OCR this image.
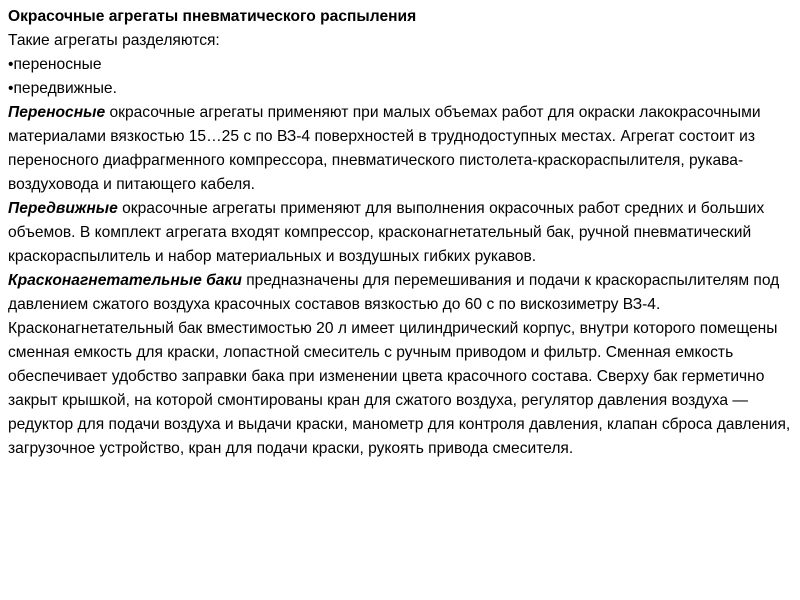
Окрасочные агрегаты пневматического распыления

Такие агрегаты разделяются:

•переносные

•передвижные.

Переносные окрасочные агрегаты применяют при малых объемах работ для окраски лакокрасочными материалами вязкостью 15…25 с по ВЗ-4 поверхностей в труднодоступных местах. Агрегат состоит из переносного диафрагменного компрессора, пневматического пистолета-краскораспылителя, рукава-воздуховода и питающего кабеля.

Передвижные окрасочные агрегаты применяют для выполнения окрасочных работ средних и больших объемов. В комплект агрегата входят компрессор, красконагнетательный бак, ручной пневматический краскораспылитель и набор материальных и воздушных гибких рукавов.

Красконагнетательные баки предназначены для перемешивания и подачи к краскораспылителям под давлением сжатого воздуха красочных составов вязкостью до 60 с по вискозиметру ВЗ-4.

Красконагнетательный бак вместимостью 20 л имеет цилиндрический корпус, внутри которого помещены сменная емкость для краски, лопастной смеситель с ручным приводом и фильтр. Сменная емкость обеспечивает удобство заправки бака при изменении цвета красочного состава. Сверху бак герметично закрыт крышкой, на которой смонтированы кран для сжатого воздуха, регулятор давления воздуха — редуктор для подачи воздуха и выдачи краски, манометр для контроля давления, клапан сброса давления, загрузочное устройство, кран для подачи краски, рукоять привода смесителя.
